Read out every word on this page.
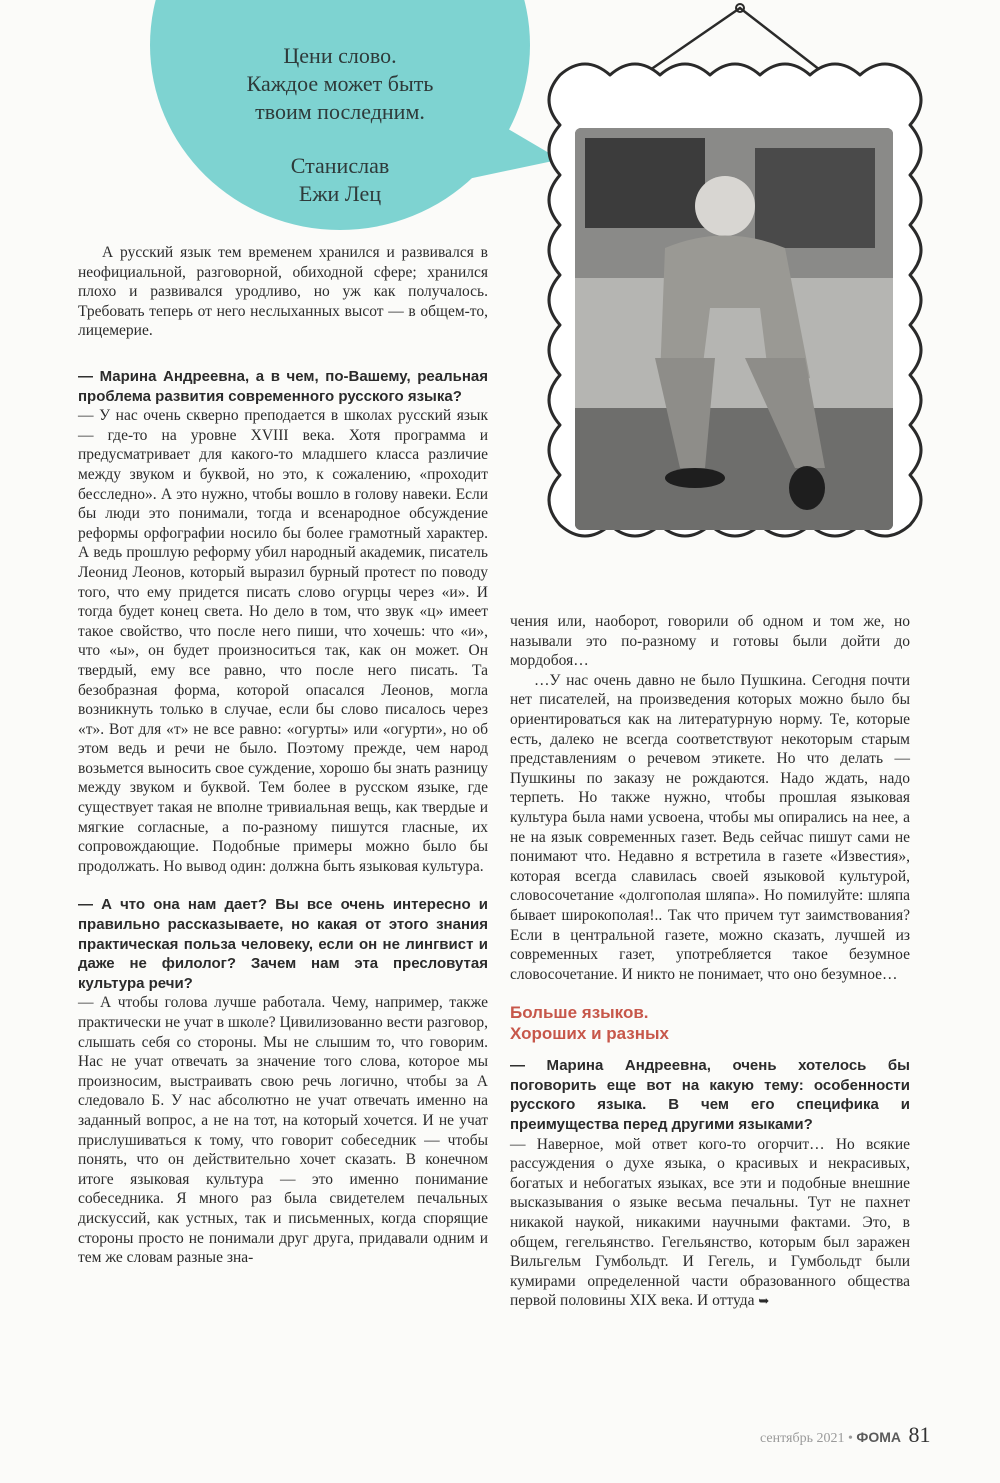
Цени слово.

Каждое может быть

твоим последним.

Станислав

Ежи Лец

А русский язык тем временем хранился и развивался в неофициальной, разговорной, обиходной сфере; хранился плохо и развивался уродливо, но уж как получалось. Требовать теперь от него неслыханных высот — в общем-то, лицемерие.

— Марина Андреевна, а в чем, по-Вашему, реальная проблема развития современного русского языка?

— У нас очень скверно преподается в школах русский язык — где-то на уровне XVIII века. Хотя программа и предусматривает для какого-то младшего класса различие между звуком и буквой, но это, к сожалению, «проходит бесследно». А это нужно, чтобы вошло в голову навеки. Если бы люди это понимали, тогда и всенародное обсуждение реформы орфографии носило бы более грамотный характер. А ведь прошлую реформу убил народный академик, писатель Леонид Леонов, который выразил бурный протест по поводу того, что ему придется писать слово огурцы через «и». И тогда будет конец света. Но дело в том, что звук «ц» имеет такое свойство, что после него пиши, что хочешь: что «и», что «ы», он будет произноситься так, как он может. Он твердый, ему все равно, что после него писать. Та безобразная форма, которой опасался Леонов, могла возникнуть только в случае, если бы слово писалось через «т». Вот для «т» не все равно: «огурты» или «огурти», но об этом ведь и речи не было. Поэтому прежде, чем народ возьмется выносить свое суждение, хорошо бы знать разницу между звуком и буквой. Тем более в русском языке, где существует такая не вполне тривиальная вещь, как твердые и мягкие согласные, а по-разному пишутся гласные, их сопровождающие. Подобные примеры можно было бы продолжать. Но вывод один: должна быть языковая культура.

— А что она нам дает? Вы все очень интересно и правильно рассказываете, но какая от этого знания практическая польза человеку, если он не лингвист и даже не филолог? Зачем нам эта пресловутая культура речи?

— А чтобы голова лучше работала. Чему, например, также практически не учат в школе? Цивилизованно вести разговор, слышать себя со стороны. Мы не слышим то, что говорим. Нас не учат отвечать за значение того слова, которое мы произносим, выстраивать свою речь логично, чтобы за А следовало Б. У нас абсолютно не учат отвечать именно на заданный вопрос, а не на тот, на который хочется. И не учат прислушиваться к тому, что говорит собеседник — чтобы понять, что он действительно хочет сказать. В конечном итоге языковая культура — это именно понимание собеседника. Я много раз была свидетелем печальных дискуссий, как устных, так и письменных, когда спорящие стороны просто не понимали друг друга, придавали одним и тем же словам разные зна-

чения или, наоборот, говорили об одном и том же, но называли это по-разному и готовы были дойти до мордобоя…

…У нас очень давно не было Пушкина. Сегодня почти нет писателей, на произведения которых можно было бы ориентироваться как на литературную норму. Те, которые есть, далеко не всегда соответствуют некоторым старым представлениям о речевом этикете. Но что делать — Пушкины по заказу не рождаются. Надо ждать, надо терпеть. Но также нужно, чтобы прошлая языковая культура была нами усвоена, чтобы мы опирались на нее, а не на язык современных газет. Ведь сейчас пишут сами не понимают что. Недавно я встретила в газете «Известия», которая всегда славилась своей языковой культурой, словосочетание «долгополая шляпа». Но помилуйте: шляпа бывает широкополая!.. Так что причем тут заимствования? Если в центральной газете, можно сказать, лучшей из современных газет, употребляется такое безумное словосочетание. И никто не понимает, что оно безумное…

Больше языков.
Хороших и разных

— Марина Андреевна, очень хотелось бы поговорить еще вот на какую тему: особенности русского языка. В чем его специфика и преимущества перед другими языками?

— Наверное, мой ответ кого-то огорчит… Но всякие рассуждения о духе языка, о красивых и некрасивых, богатых и небогатых языках, все эти и подобные внешние высказывания о языке весьма печальны. Тут не пахнет никакой наукой, никакими научными фактами. Это, в общем, гегельянство. Гегельянство, которым был заражен Вильгельм Гумбольдт. И Гегель, и Гумбольдт были кумирами определенной части образованного общества первой половины XIX века. И оттуда ➥

сентябрь 2021 • ФОМА 81
